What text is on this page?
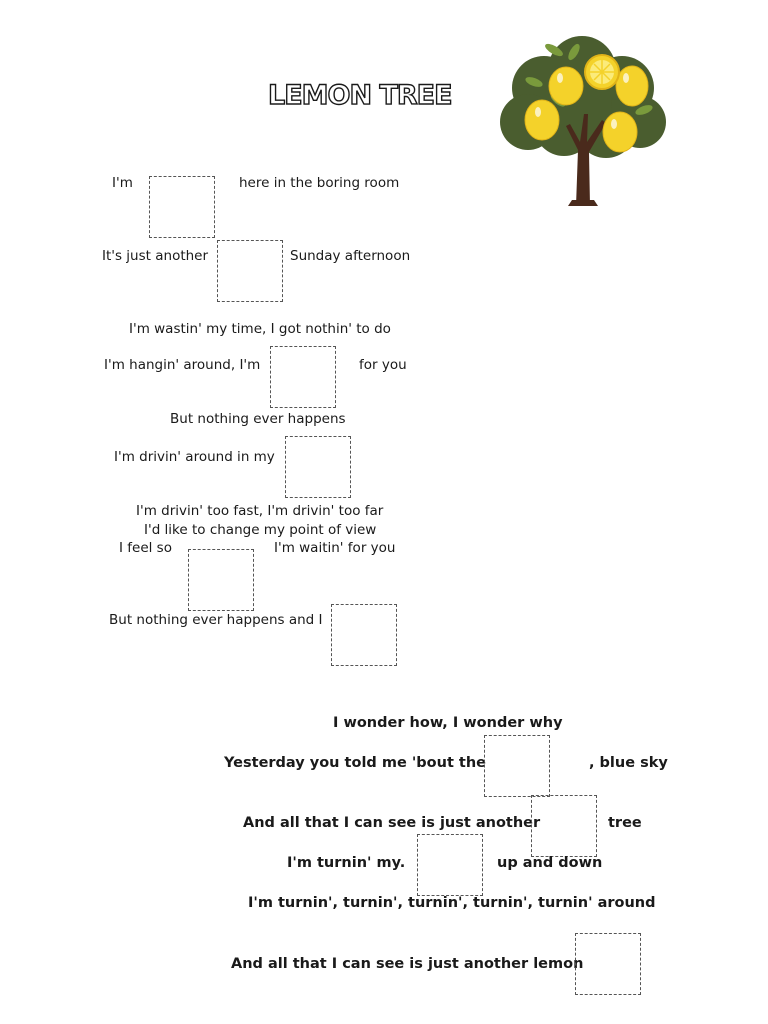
LEMON TREE
I'm	here in the boring room
It's just another	Sunday afternoon
I'm wastin' my time, I got nothin' to do
I'm hangin' around, I'm	for you
But nothing ever happens
I'm drivin' around in my
I'm drivin' too fast, I'm drivin' too far
I'd like to change my point of view
I feel so	I'm waitin' for you
But nothing ever happens and I
I wonder how, I wonder why
Yesterday you told me 'bout the	, blue sky
And all that I can see is just another	tree
I'm turnin' my.	up and down
I'm turnin', turnin', turnin', turnin', turnin' around
And all that I can see is just another lemon
